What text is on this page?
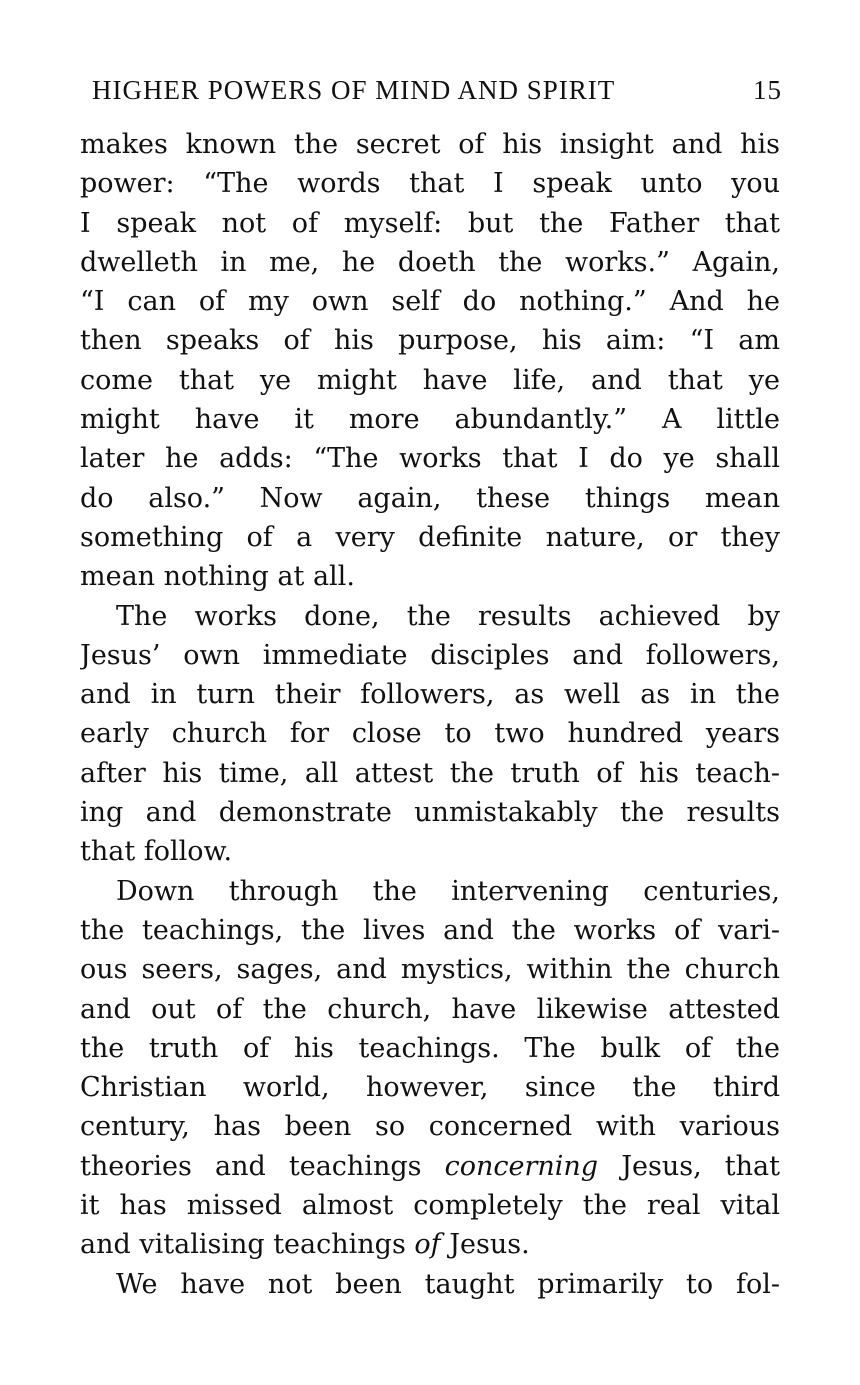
HIGHER POWERS OF MIND AND SPIRIT	15
makes known the secret of his insight and his
power: “The words that I speak unto you
I speak not of myself: but the Father that
dwelleth in me, he doeth the works.” Again,
“I can of my own self do nothing.” And he
then speaks of his purpose, his aim: “I am
come that ye might have life, and that ye
might have it more abundantly.” A little
later he adds: “The works that I do ye shall
do also.” Now again, these things mean
something of a very definite nature, or they
mean nothing at all.
The works done, the results achieved by
Jesus’ own immediate disciples and followers,
and in turn their followers, as well as in the
early church for close to two hundred years
after his time, all attest the truth of his teach-
ing and demonstrate unmistakably the results
that follow.
Down through the intervening centuries,
the teachings, the lives and the works of vari-
ous seers, sages, and mystics, within the church
and out of the church, have likewise attested
the truth of his teachings. The bulk of the
Christian world, however, since the third
century, has been so concerned with various
theories and teachings concerning Jesus, that
it has missed almost completely the real vital
and vitalising teachings of Jesus.
We have not been taught primarily to fol-
